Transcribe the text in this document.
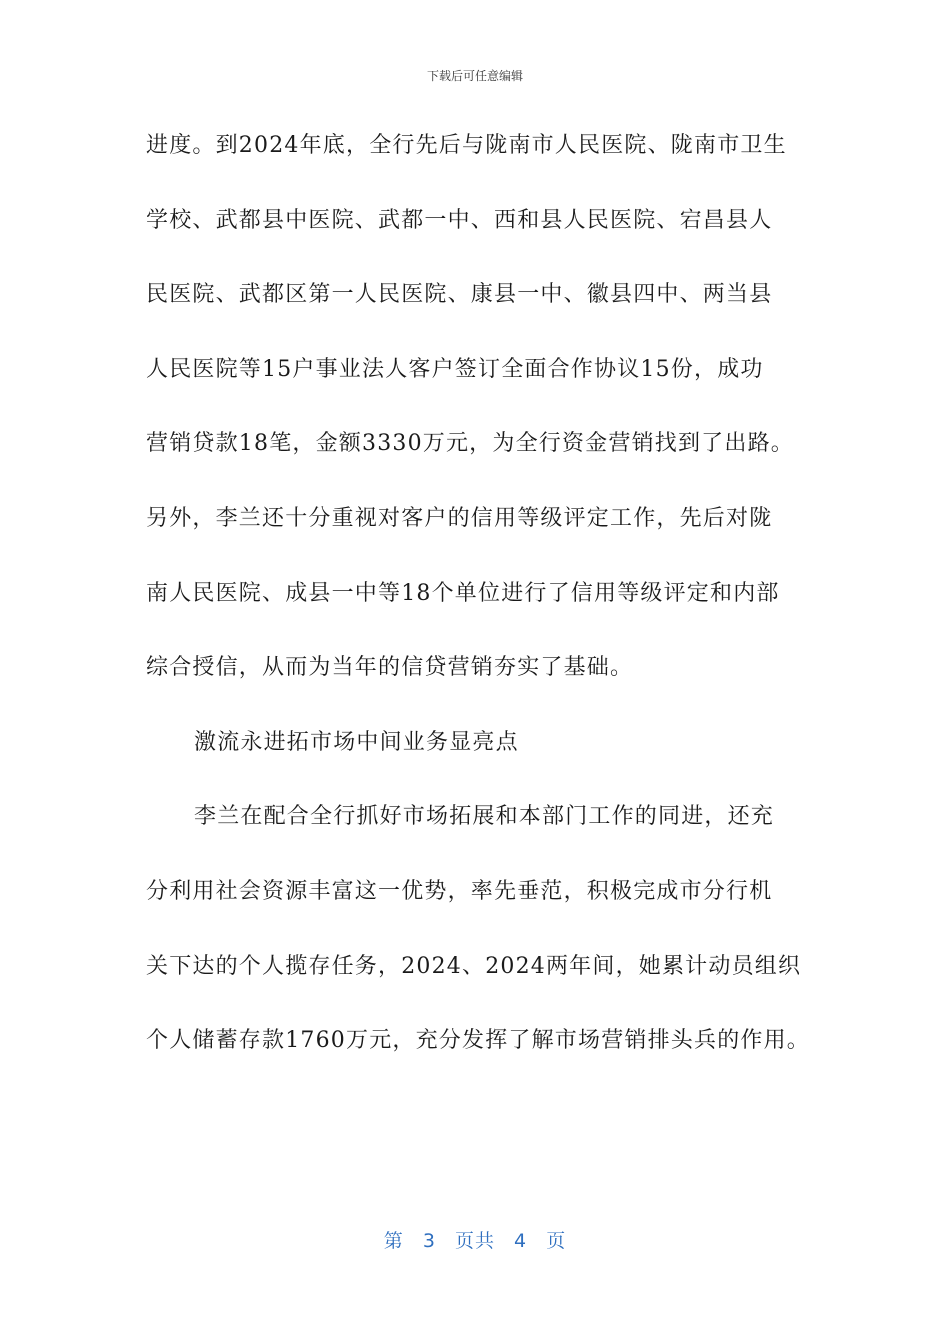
下载后可任意编辑
进度。到2024年底，全行先后与陇南市人民医院、陇南市卫生
学校、武都县中医院、武都一中、西和县人民医院、宕昌县人
民医院、武都区第一人民医院、康县一中、徽县四中、两当县
人民医院等15户事业法人客户签订全面合作协议15份，成功
营销贷款18笔，金额3330万元，为全行资金营销找到了出路。
另外，李兰还十分重视对客户的信用等级评定工作，先后对陇
南人民医院、成县一中等18个单位进行了信用等级评定和内部
综合授信，从而为当年的信贷营销夯实了基础。
激流永进拓市场中间业务显亮点
李兰在配合全行抓好市场拓展和本部门工作的同进，还充
分利用社会资源丰富这一优势，率先垂范，积极完成市分行机
关下达的个人揽存任务，2024、2024两年间，她累计动员组织
个人储蓄存款1760万元，充分发挥了解市场营销排头兵的作用。
第 3 页共 4 页
